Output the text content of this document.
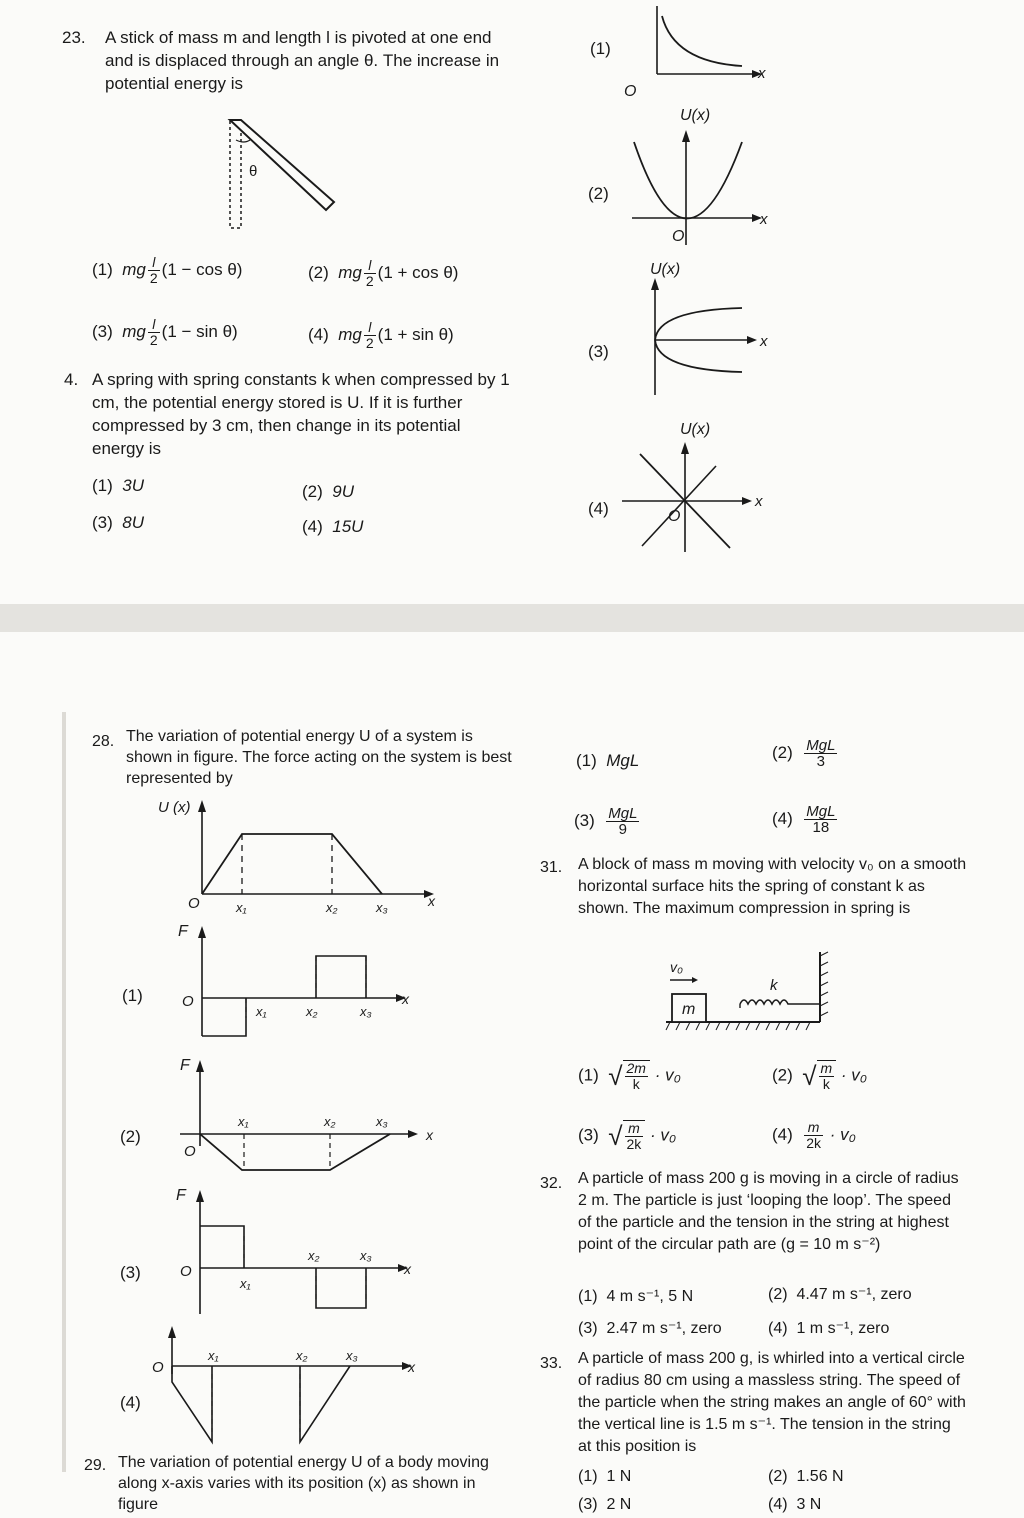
23. A stick of mass m and length l is pivoted at one end and is displaced through an angle θ. The increase in potential energy is
θ
(1) mg $\frac{l}{2} (1 - \cos \theta)$	(2) mg $\frac{l}{2} (1 + \cos \theta)$
(3) mg $\frac{l}{2} (1 - \sin \theta)$	(4) mg $\frac{l}{2} (1 + \sin \theta)$
4. A spring with spring constants k when compressed by 1 cm, the potential energy stored is U. If it is further compressed by 3 cm, then change in its potential energy is
(1) 3U	(2) 9U
(3) 8U	(4) 15U
(1)
O
x
(2)
U(x)
O
x
(3)
U(x)
x
(4)
U(x)
O
x
28. The variation of potential energy U of a system is shown in figure. The force acting on the system is best represented by
U (x)
O	x₁	x₂	x₃	x
(1)
F
O
x₁	x₂	x₃
x
(2)
F
O
x₁	x₂	x₃
x
(3)
F
O
x₁
x₂	x₃
x
(4)
O
x₁	x₂	x₃
x
29. The variation of potential energy U of a body moving along x-axis varies with its position (x) as shown in figure
(1) MgL	$(2) \frac{\text{MgL}}{3}$
$(3) \frac{\text{MgL}}{9}$	$(4) \frac{\text{MgL}}{18}$
31. A block of mass m moving with velocity v₀ on a smooth horizontal surface hits the spring of constant k as shown. The maximum compression in spring is
m
v₀
k
(1) √ $\frac{2m}{k} \cdot v_0$	(2) √ $\frac{m}{k} \cdot v_0$
(3) √ $\frac{m}{2k} \cdot v_0$	$(4) \frac{m}{2k} \cdot v_0$
32. A particle of mass 200 g is moving in a circle of radius 2 m. The particle is just ‘looping the loop’. The speed of the particle and the tension in the string at highest point of the circular path are (g = 10 m s⁻²)
(1) 4 m s⁻¹, 5 N	(2) 4.47 m s⁻¹, zero
(3) 2.47 m s⁻¹, zero	(4) 1 m s⁻¹, zero
33. A particle of mass 200 g, is whirled into a vertical circle of radius 80 cm using a massless string. The speed of the particle when the string makes an angle of 60° with the vertical line is 1.5 m s⁻¹. The tension in the string at this position is
(1) 1 N	(2) 1.56 N
(3) 2 N	(4) 3 N
